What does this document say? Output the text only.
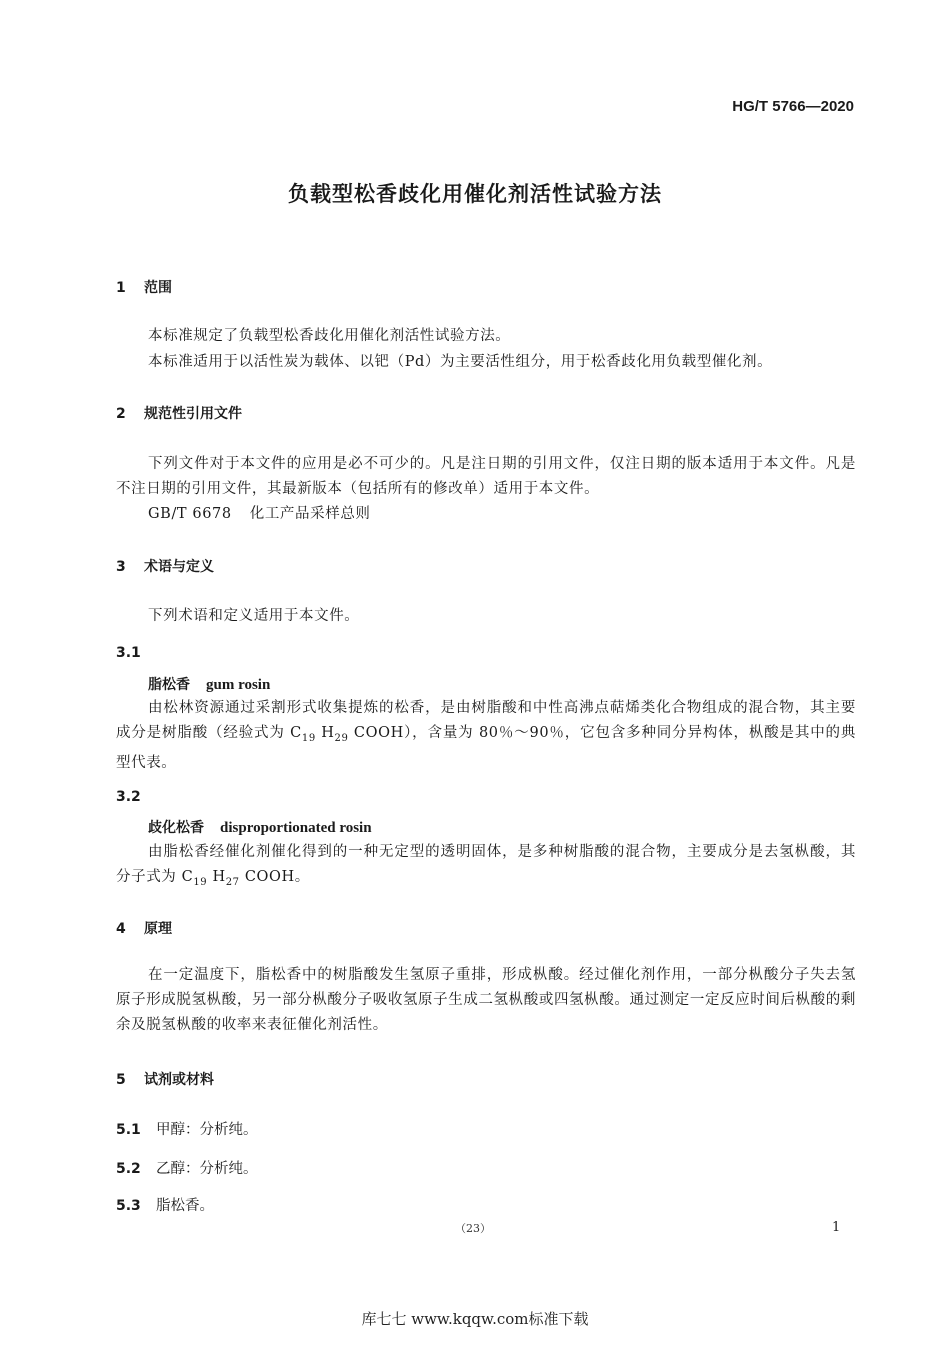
HG/T 5766—2020
负载型松香歧化用催化剂活性试验方法
1 范围
本标准规定了负载型松香歧化用催化剂活性试验方法。
本标准适用于以活性炭为载体、以钯（Pd）为主要活性组分，用于松香歧化用负载型催化剂。
2 规范性引用文件
下列文件对于本文件的应用是必不可少的。凡是注日期的引用文件，仅注日期的版本适用于本文件。凡是不注日期的引用文件，其最新版本（包括所有的修改单）适用于本文件。
GB/T 6678 化工产品采样总则
3 术语与定义
下列术语和定义适用于本文件。
3.1
脂松香 gum rosin
由松林资源通过采割形式收集提炼的松香，是由树脂酸和中性高沸点萜烯类化合物组成的混合物，其主要成分是树脂酸（经验式为 $C_{19}$ $H_{29}$ COOH），含量为 80％～90％，它包含多种同分异构体，枞酸是其中的典型代表。
3.2
歧化松香 disproportionated rosin
由脂松香经催化剂催化得到的一种无定型的透明固体，是多种树脂酸的混合物，主要成分是去氢枞酸，其分子式为 $C_{19}$ $H_{27}$ COOH。
4 原理
在一定温度下，脂松香中的树脂酸发生氢原子重排，形成枞酸。经过催化剂作用，一部分枞酸分子失去氢原子形成脱氢枞酸，另一部分枞酸分子吸收氢原子生成二氢枞酸或四氢枞酸。通过测定一定反应时间后枞酸的剩余及脱氢枞酸的收率来表征催化剂活性。
5 试剂或材料
5.1 甲醇：分析纯。
5.2 乙醇：分析纯。
5.3 脂松香。
（23）	1
库七七 www.kqqw.com标准下载
